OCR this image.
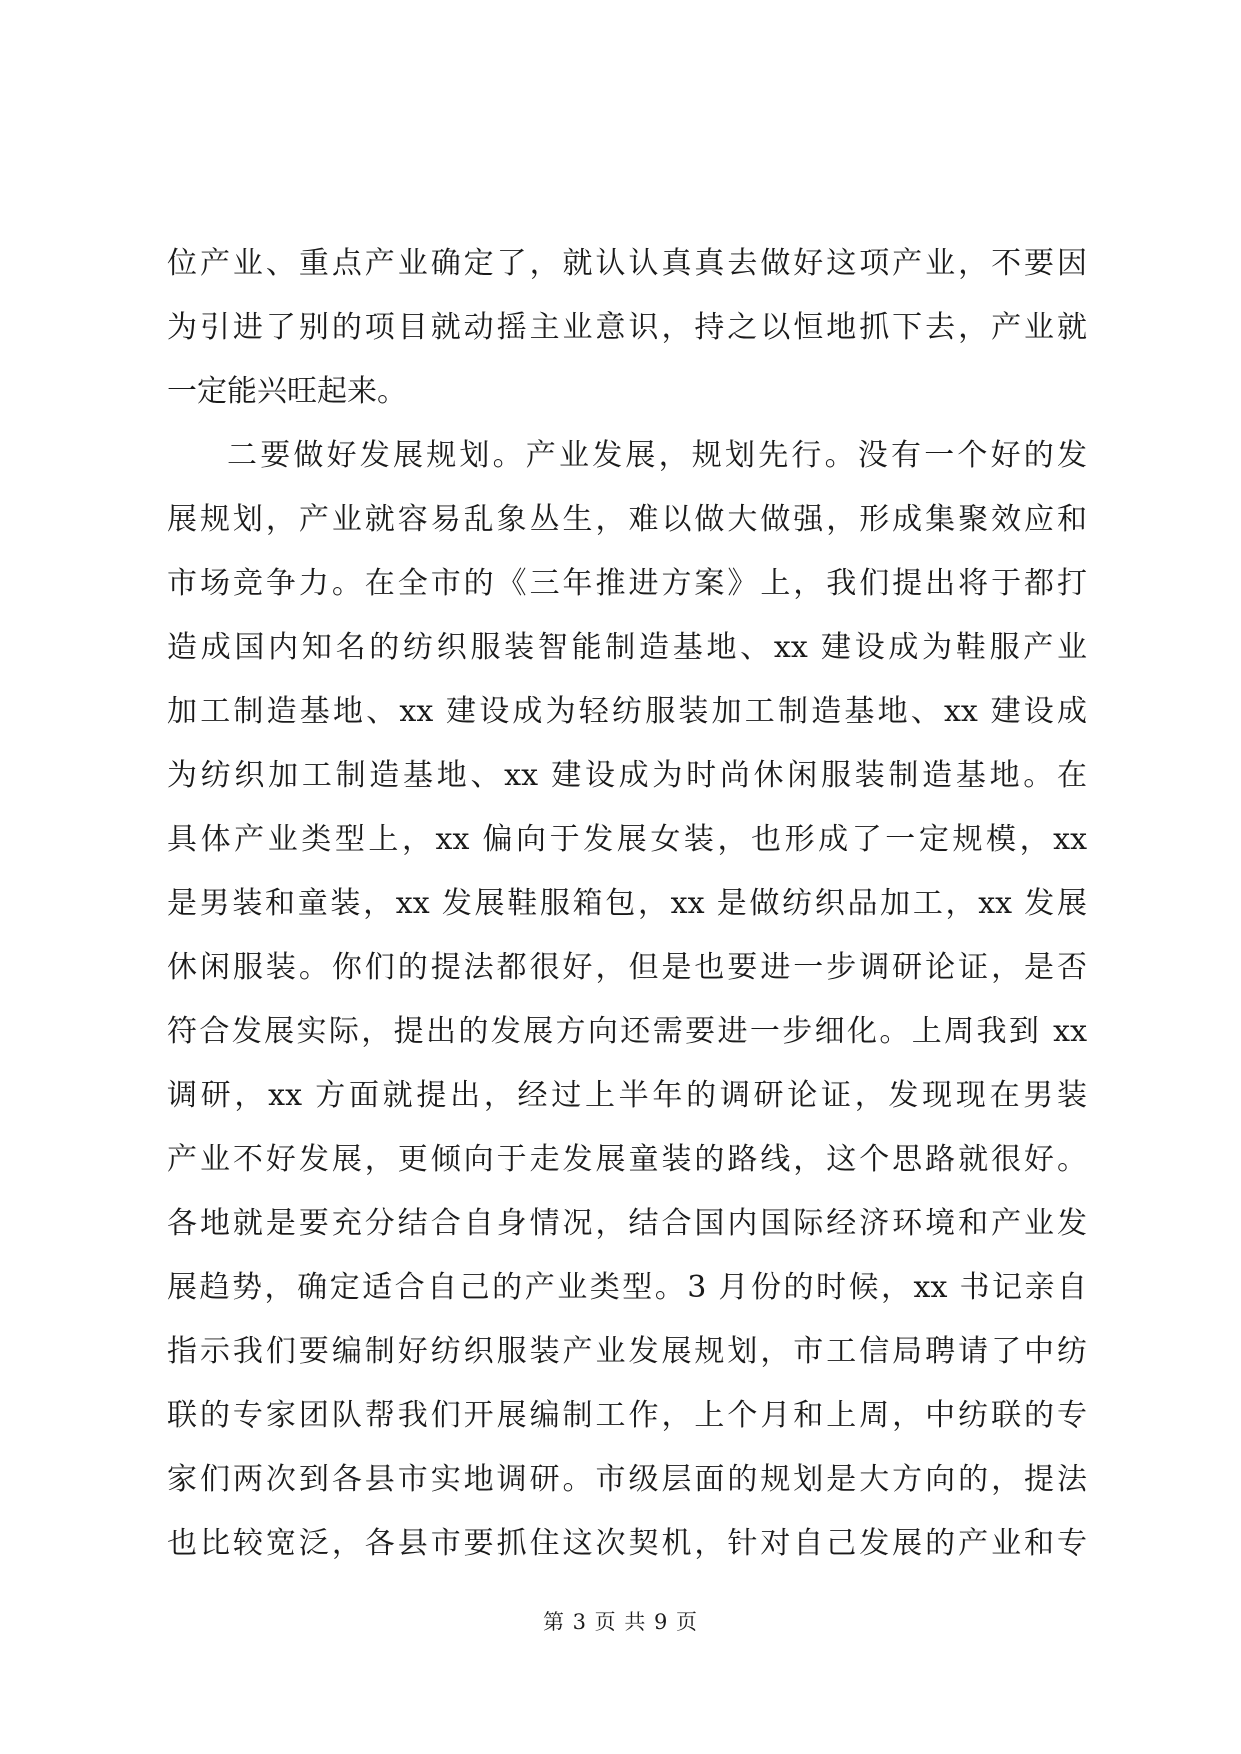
位产业、重点产业确定了，就认认真真去做好这项产业，不要因
为引进了别的项目就动摇主业意识，持之以恒地抓下去，产业就
一定能兴旺起来。
二要做好发展规划。产业发展，规划先行。没有一个好的发
展规划，产业就容易乱象丛生，难以做大做强，形成集聚效应和
市场竞争力。在全市的《三年推进方案》上，我们提出将于都打
造成国内知名的纺织服装智能制造基地、xx 建设成为鞋服产业
加工制造基地、xx 建设成为轻纺服装加工制造基地、xx 建设成
为纺织加工制造基地、xx 建设成为时尚休闲服装制造基地。在
具体产业类型上，xx 偏向于发展女装，也形成了一定规模，xx
是男装和童装，xx 发展鞋服箱包，xx 是做纺织品加工，xx 发展
休闲服装。你们的提法都很好，但是也要进一步调研论证，是否
符合发展实际，提出的发展方向还需要进一步细化。上周我到 xx
调研，xx 方面就提出，经过上半年的调研论证，发现现在男装
产业不好发展，更倾向于走发展童装的路线，这个思路就很好。
各地就是要充分结合自身情况，结合国内国际经济环境和产业发
展趋势，确定适合自己的产业类型。3 月份的时候，xx 书记亲自
指示我们要编制好纺织服装产业发展规划，市工信局聘请了中纺
联的专家团队帮我们开展编制工作，上个月和上周，中纺联的专
家们两次到各县市实地调研。市级层面的规划是大方向的，提法
也比较宽泛，各县市要抓住这次契机，针对自己发展的产业和专
第 3 页 共 9 页
